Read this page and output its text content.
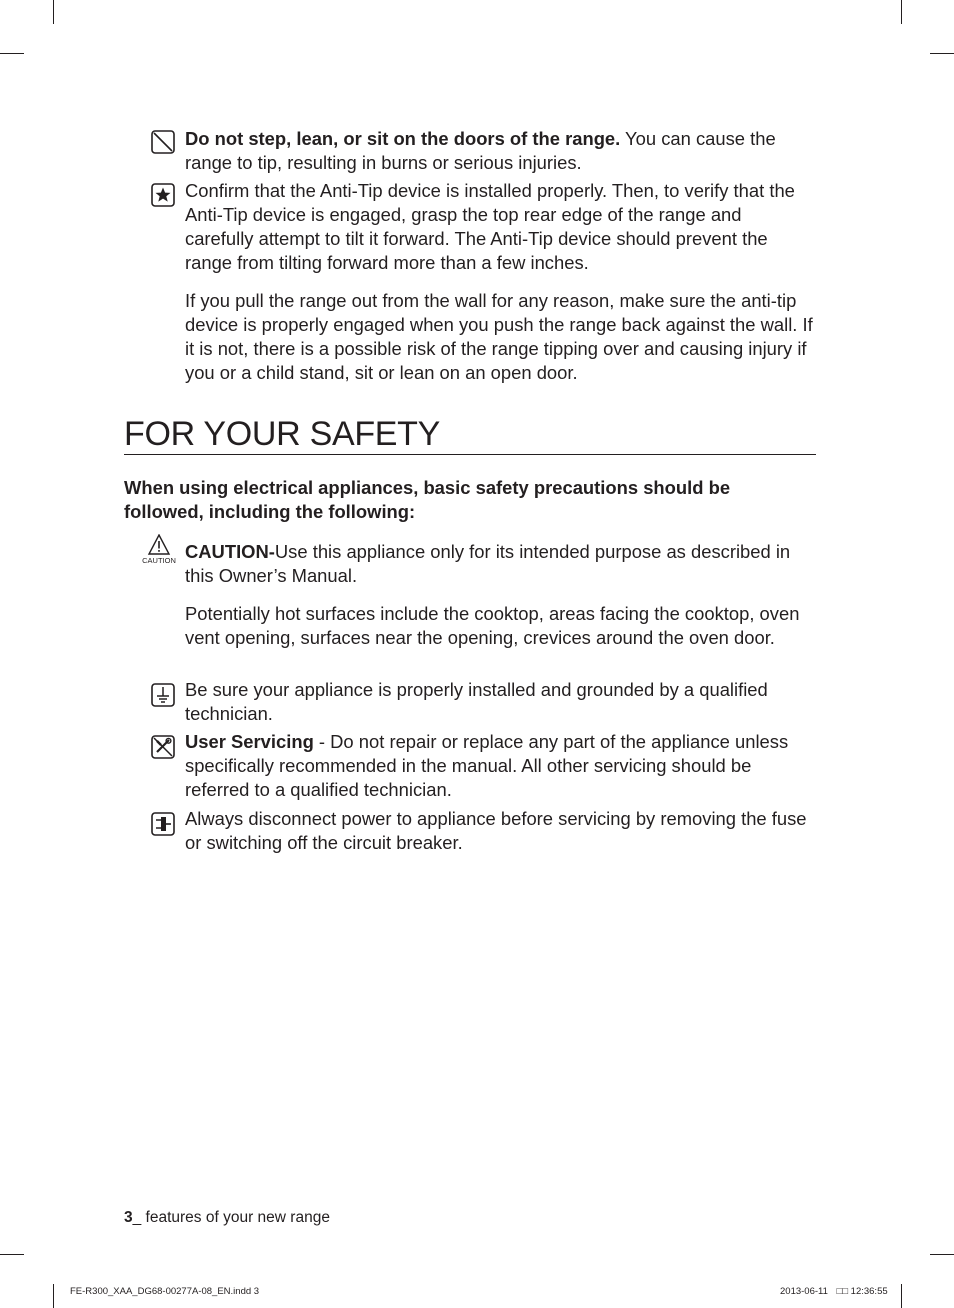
Do not step, lean, or sit on the doors of the range. You can cause the range to tip, resulting in burns or serious injuries.
Confirm that the Anti-Tip device is installed properly. Then, to verify that the Anti-Tip device is engaged, grasp the top rear edge of the range and carefully attempt to tilt it forward. The Anti-Tip device should prevent the range from tilting forward more than a few inches.
If you pull the range out from the wall for any reason, make sure the anti-tip device is properly engaged when you push the range back against the wall. If it is not, there is a possible risk of the range tipping over and causing injury if you or a child stand, sit or lean on an open door.
FOR YOUR SAFETY
When using electrical appliances, basic safety precautions should be followed, including the following:
CAUTION CAUTION-Use this appliance only for its intended purpose as described in this Owner’s Manual.
Potentially hot surfaces include the cooktop, areas facing the cooktop, oven vent opening, surfaces near the opening, crevices around the oven door.
Be sure your appliance is properly installed and grounded by a qualified technician.
User Servicing - Do not repair or replace any part of the appliance unless specifically recommended in the manual. All other servicing should be referred to a qualified technician.
Always disconnect power to appliance before servicing by removing the fuse or switching off the circuit breaker.
3_ features of your new range
FE-R300_XAA_DG68-00277A-08_EN.indd 3	2013-06-11 □□ 12:36:55
